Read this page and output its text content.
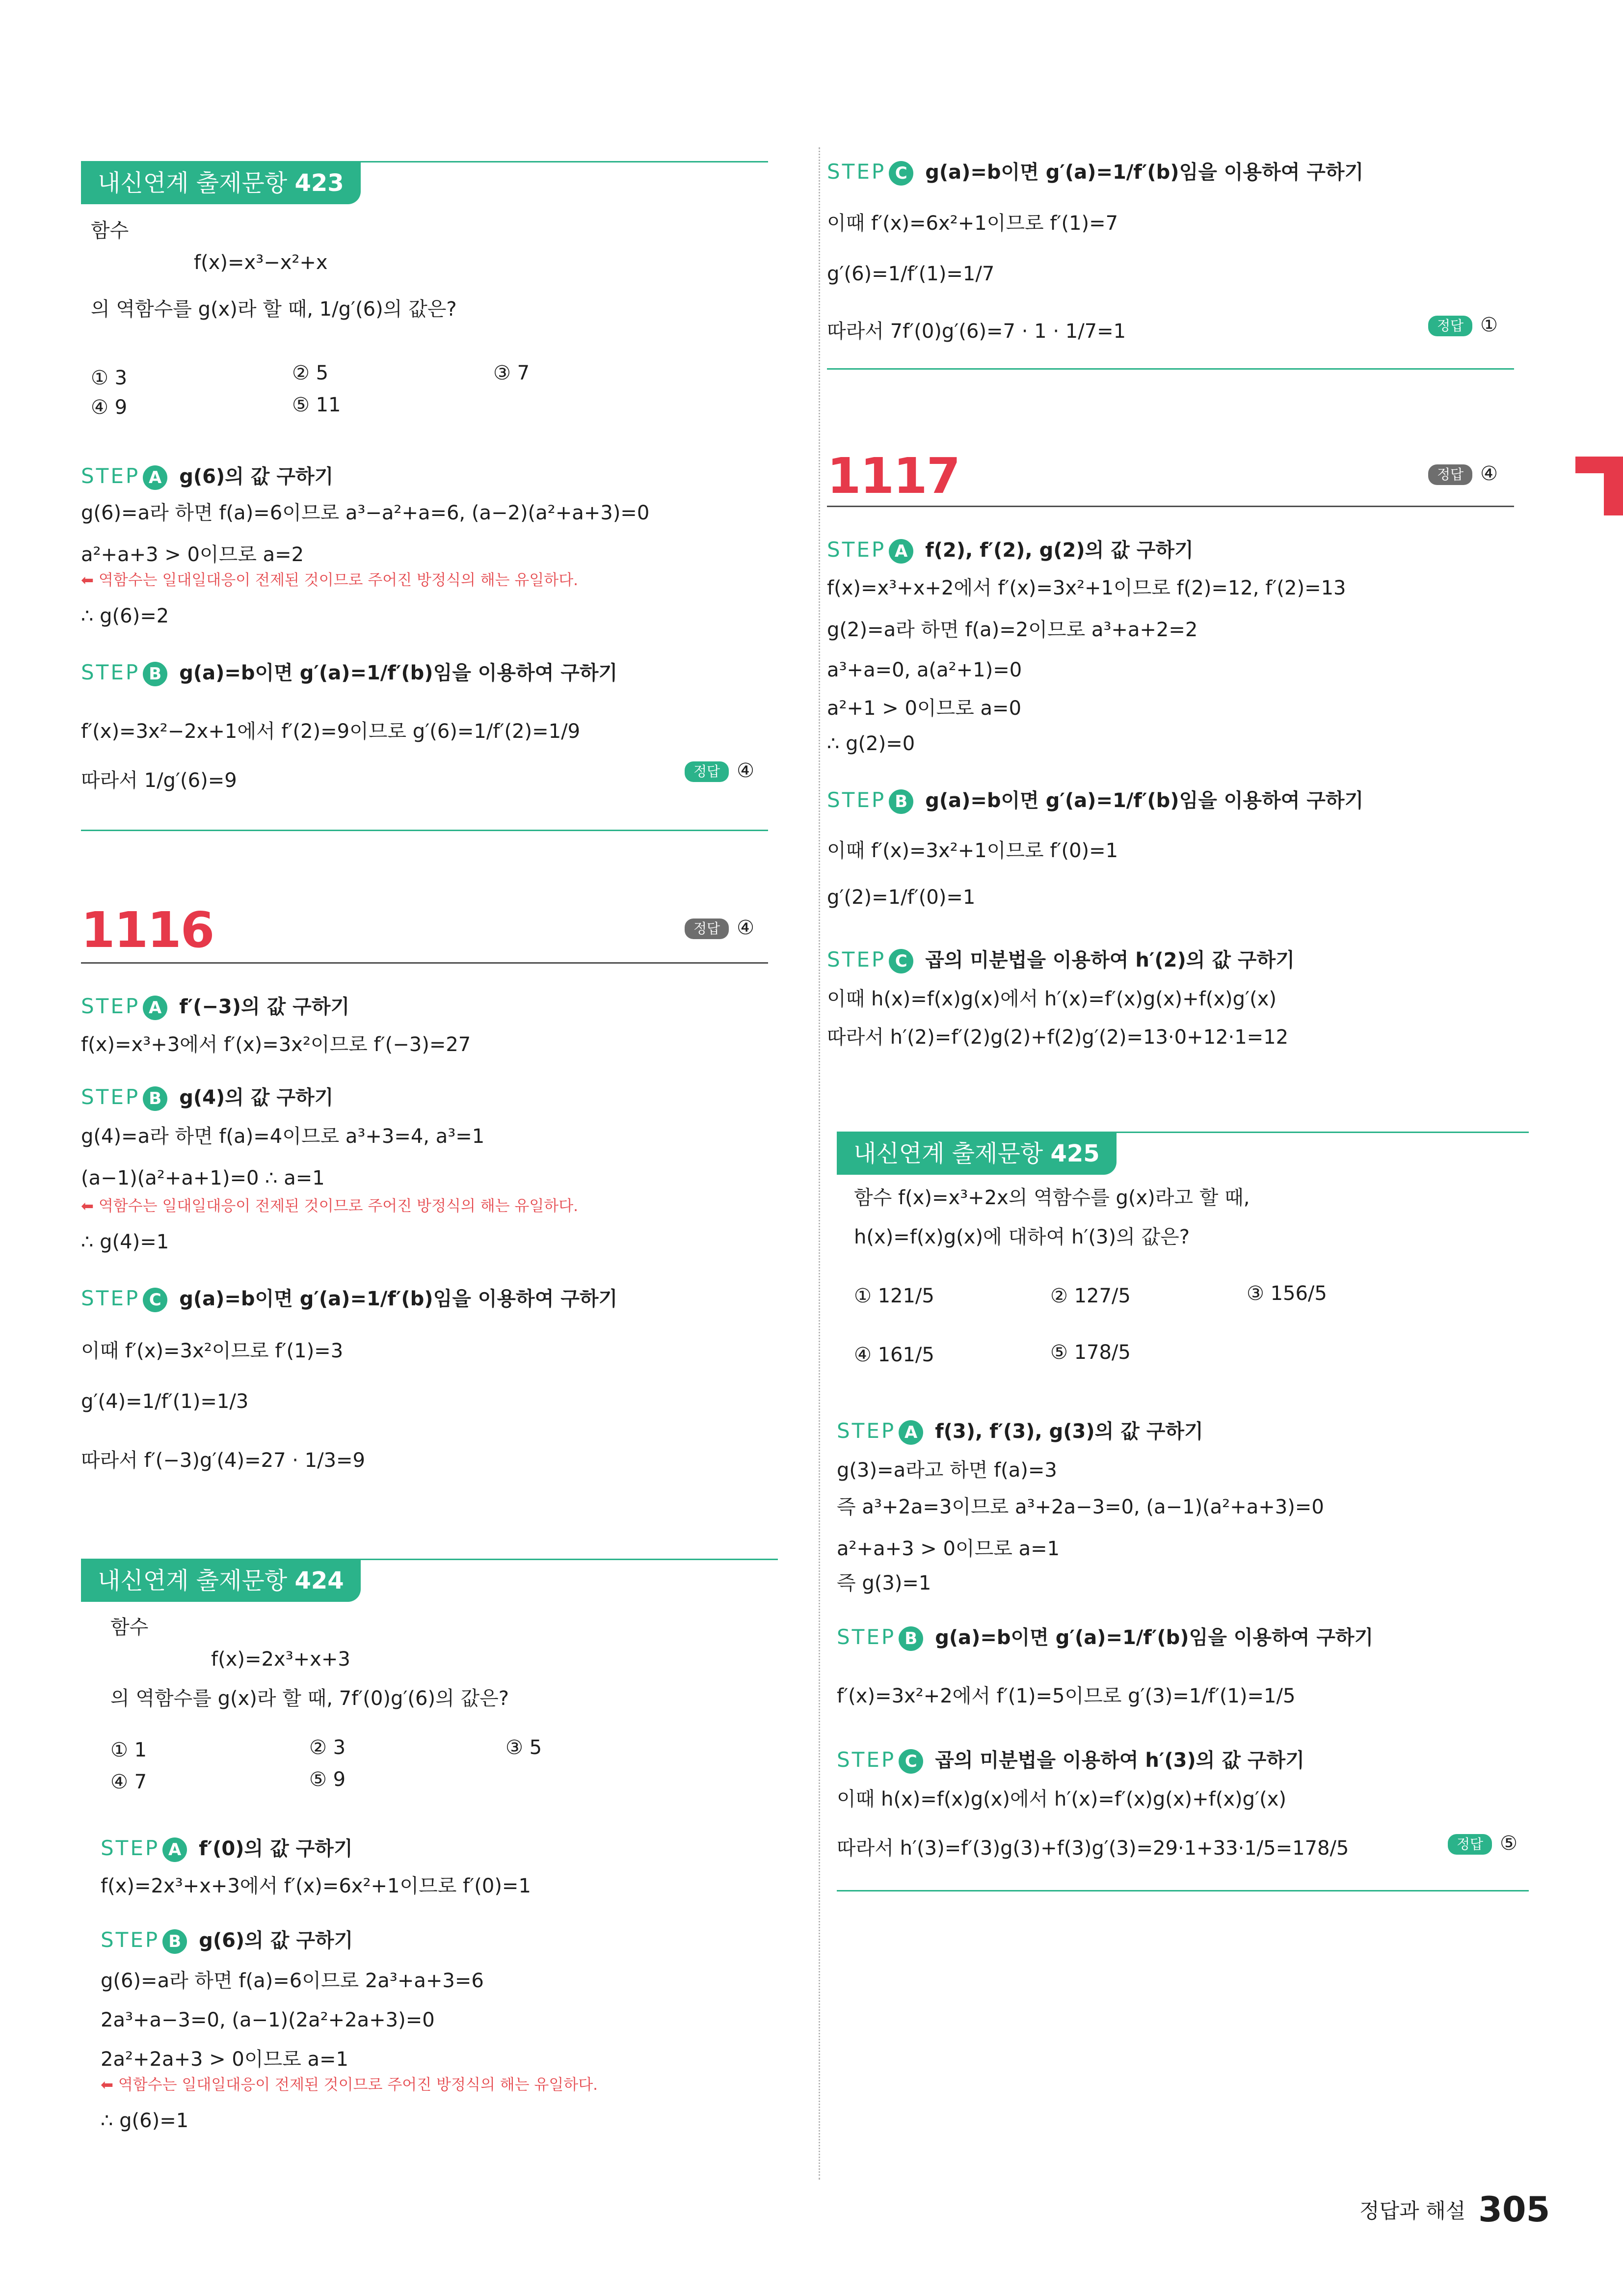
내신연계 출제문항 423
함수
f(x)=x³−x²+x
의 역함수를 g(x)라 할 때, 1/g′(6)의 값은?
① 3	② 5	③ 7
④ 9	⑤ 11
STEP A g(6)의 값 구하기
g(6)=a라 하면 f(a)=6이므로 a³−a²+a=6, (a−2)(a²+a+3)=0
a²+a+3 > 0이므로 a=2
⬅ 역함수는 일대일대응이 전제된 것이므로 주어진 방정식의 해는 유일하다.
∴ g(6)=2
STEP B g(a)=b이면 g′(a)=1/f′(b)임을 이용하여 구하기
f′(x)=3x²−2x+1에서 f′(2)=9이므로 g′(6)=1/f′(2)=1/9
따라서 1/g′(6)=9	정답 ④
1116	정답 ④
STEP A f′(−3)의 값 구하기
f(x)=x³+3에서 f′(x)=3x²이므로 f′(−3)=27
STEP B g(4)의 값 구하기
g(4)=a라 하면 f(a)=4이므로 a³+3=4, a³=1
(a−1)(a²+a+1)=0 ∴ a=1
⬅ 역함수는 일대일대응이 전제된 것이므로 주어진 방정식의 해는 유일하다.
∴ g(4)=1
STEP C g(a)=b이면 g′(a)=1/f′(b)임을 이용하여 구하기
이때 f′(x)=3x²이므로 f′(1)=3
g′(4)=1/f′(1)=1/3
따라서 f′(−3)g′(4)=27 · 1/3=9
내신연계 출제문항 424
함수
f(x)=2x³+x+3
의 역함수를 g(x)라 할 때, 7f′(0)g′(6)의 값은?
① 1	② 3	③ 5
④ 7	⑤ 9
STEP A f′(0)의 값 구하기
f(x)=2x³+x+3에서 f′(x)=6x²+1이므로 f′(0)=1
STEP B g(6)의 값 구하기
g(6)=a라 하면 f(a)=6이므로 2a³+a+3=6
2a³+a−3=0, (a−1)(2a²+2a+3)=0
2a²+2a+3 > 0이므로 a=1
⬅ 역함수는 일대일대응이 전제된 것이므로 주어진 방정식의 해는 유일하다.
∴ g(6)=1
STEP C g(a)=b이면 g′(a)=1/f′(b)임을 이용하여 구하기
이때 f′(x)=6x²+1이므로 f′(1)=7
g′(6)=1/f′(1)=1/7
따라서 7f′(0)g′(6)=7 · 1 · 1/7=1	정답 ①
1117	정답 ④
STEP A f(2), f′(2), g(2)의 값 구하기
f(x)=x³+x+2에서 f′(x)=3x²+1이므로 f(2)=12, f′(2)=13
g(2)=a라 하면 f(a)=2이므로 a³+a+2=2
a³+a=0, a(a²+1)=0
a²+1 > 0이므로 a=0
∴ g(2)=0
STEP B g(a)=b이면 g′(a)=1/f′(b)임을 이용하여 구하기
이때 f′(x)=3x²+1이므로 f′(0)=1
g′(2)=1/f′(0)=1
STEP C 곱의 미분법을 이용하여 h′(2)의 값 구하기
이때 h(x)=f(x)g(x)에서 h′(x)=f′(x)g(x)+f(x)g′(x)
따라서 h′(2)=f′(2)g(2)+f(2)g′(2)=13·0+12·1=12
내신연계 출제문항 425
함수 f(x)=x³+2x의 역함수를 g(x)라고 할 때,
h(x)=f(x)g(x)에 대하여 h′(3)의 값은?
① 121/5	② 127/5	③ 156/5
④ 161/5	⑤ 178/5
STEP A f(3), f′(3), g(3)의 값 구하기
g(3)=a라고 하면 f(a)=3
즉 a³+2a=3이므로 a³+2a−3=0, (a−1)(a²+a+3)=0
a²+a+3 > 0이므로 a=1
즉 g(3)=1
STEP B g(a)=b이면 g′(a)=1/f′(b)임을 이용하여 구하기
f′(x)=3x²+2에서 f′(1)=5이므로 g′(3)=1/f′(1)=1/5
STEP C 곱의 미분법을 이용하여 h′(3)의 값 구하기
이때 h(x)=f(x)g(x)에서 h′(x)=f′(x)g(x)+f(x)g′(x)
따라서 h′(3)=f′(3)g(3)+f(3)g′(3)=29·1+33·1/5=178/5	정답 ⑤
정답과 해설 305
